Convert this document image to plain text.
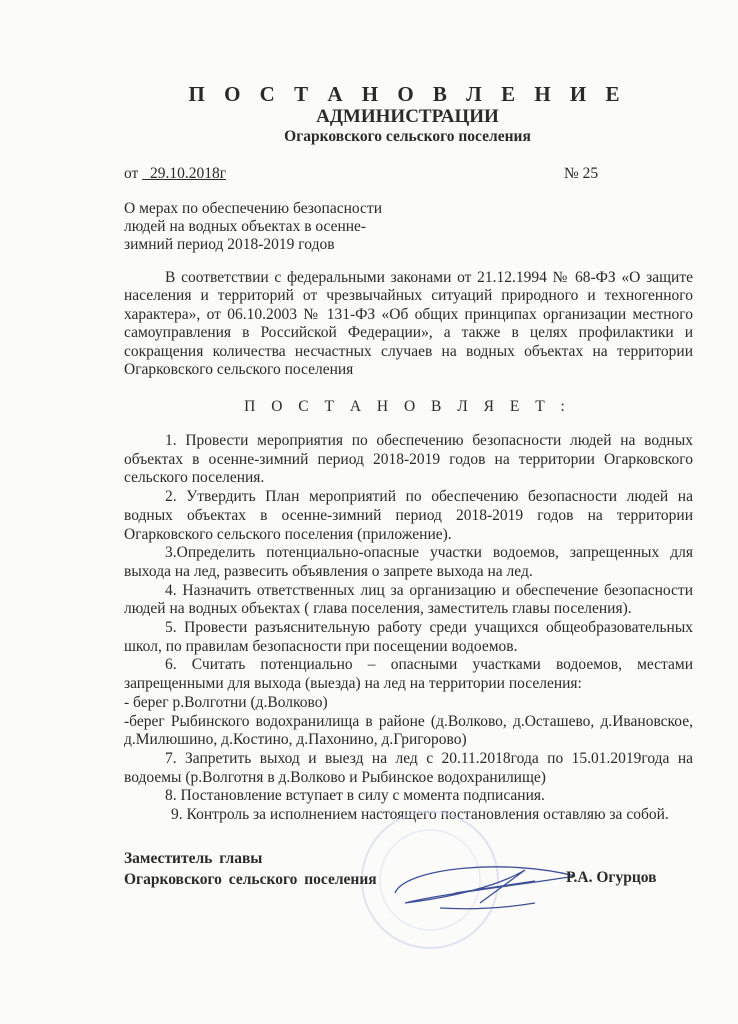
П О С Т А Н О В Л Е Н И Е
АДМИНИСТРАЦИИ
Огарковского сельского поселения
от _29.10.2018г	№ 25
О мерах по обеспечению безопасности
людей на водных объектах в осенне-
зимний период 2018-2019 годов

В соответствии с федеральными законами от 21.12.1994 № 68-ФЗ «О защите населения и территорий от чрезвычайных ситуаций природного и техногенного характера», от 06.10.2003 № 131-ФЗ «Об общих принципах организации местного самоуправления в Российской Федерации», а также в целях профилактики и сокращения количества несчастных случаев на водных объектах на территории Огарковского сельского поселения

П О С Т А Н О В Л Я Е Т :

1. Провести мероприятия по обеспечению безопасности людей на водных объектах в осенне-зимний период 2018-2019 годов на территории Огарковского сельского поселения.

2. Утвердить План мероприятий по обеспечению безопасности людей на водных объектах в осенне-зимний период 2018-2019 годов на территории Огарковского сельского поселения (приложение).

3.Определить потенциально-опасные участки водоемов, запрещенных для выхода на лед, развесить объявления о запрете выхода на лед.

4. Назначить ответственных лиц за организацию и обеспечение безопасности людей на водных объектах ( глава поселения, заместитель главы поселения).

5. Провести разъяснительную работу среди учащихся общеобразовательных школ, по правилам безопасности при посещении водоемов.

6. Считать потенциально – опасными участками водоемов, местами запрещенными для выхода (выезда) на лед на территории поселения:

- берег р.Волготни (д.Волково)

-берег Рыбинского водохранилища в районе (д.Волково, д.Осташево, д.Ивановское, д.Милюшино, д.Костино, д.Пахонино, д.Григорово)

7. Запретить выход и выезд на лед с 20.11.2018года по 15.01.2019года на водоемы (р.Волготня в д.Волково и Рыбинское водохранилище)

8. Постановление вступает в силу с момента подписания.

9. Контроль за исполнением настоящего постановления оставляю за собой.

Заместитель главы
Огарковского сельского поселения	Р.А. Огурцов
